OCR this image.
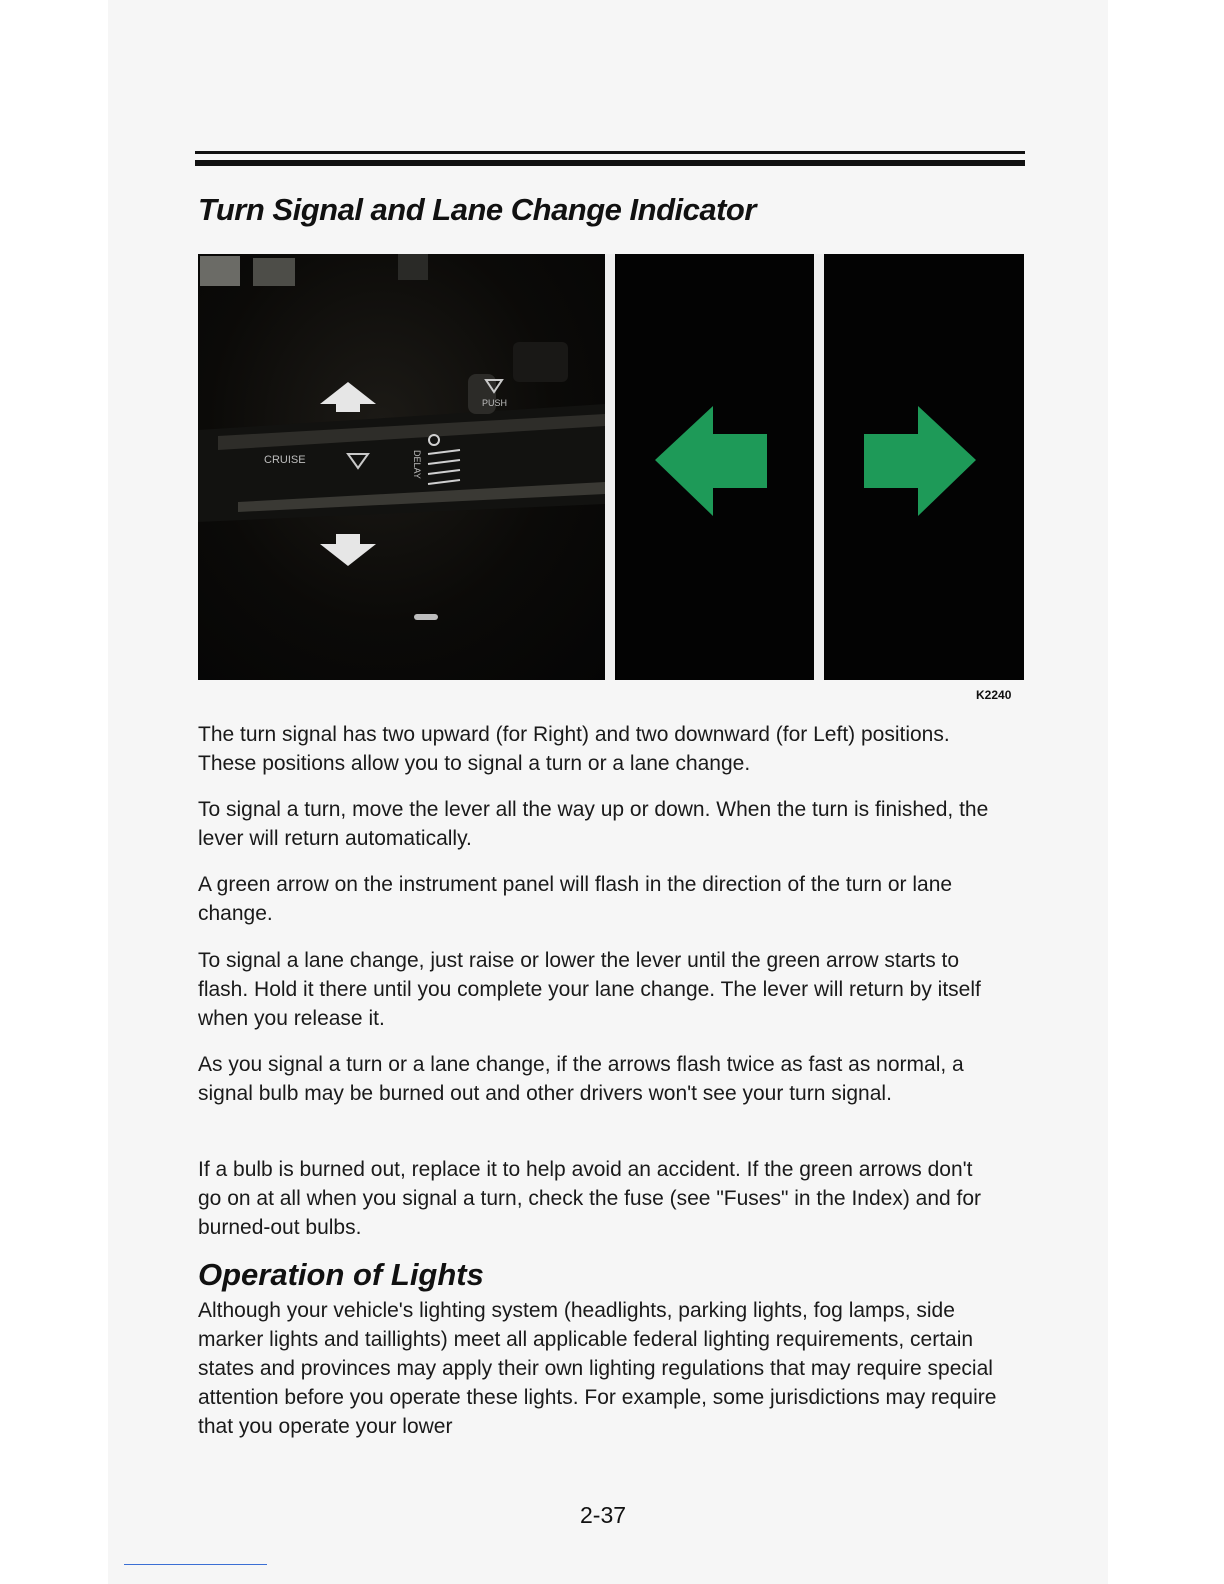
Turn Signal and Lane Change Indicator
CRUISE
PUSH
DELAY

K2240

The turn signal has two upward (for Right) and two downward (for Left) positions. These positions allow you to signal a turn or a lane change.

To signal a turn, move the lever all the way up or down. When the turn is finished, the lever will return automatically.

A green arrow on the instrument panel will flash in the direction of the turn or lane change.

To signal a lane change, just raise or lower the lever until the green arrow starts to flash. Hold it there until you complete your lane change. The lever will return by itself when you release it.

As you signal a turn or a lane change, if the arrows flash twice as fast as normal, a signal bulb may be burned out and other drivers won't see your turn signal.

If a bulb is burned out, replace it to help avoid an accident. If the green arrows don't go on at all when you signal a turn, check the fuse (see "Fuses" in the Index) and for burned-out bulbs.

Operation of Lights

Although your vehicle's lighting system (headlights, parking lights, fog lamps, side marker lights and taillights) meet all applicable federal lighting requirements, certain states and provinces may apply their own lighting regulations that may require special attention before you operate these lights. For example, some jurisdictions may require that you operate your lower

2-37
